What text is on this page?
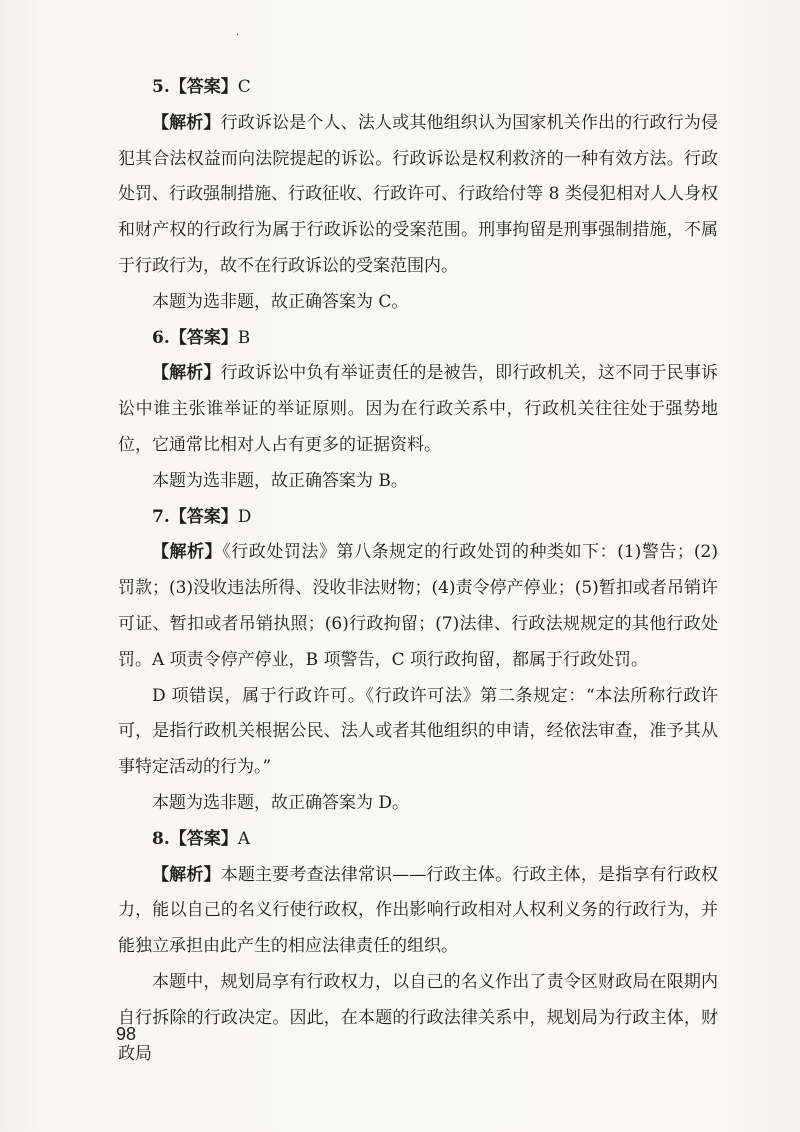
·

5.【答案】C

【解析】行政诉讼是个人、法人或其他组织认为国家机关作出的行政行为侵犯其合法权益而向法院提起的诉讼。行政诉讼是权利救济的一种有效方法。行政处罚、行政强制措施、行政征收、行政许可、行政给付等 8 类侵犯相对人人身权和财产权的行政行为属于行政诉讼的受案范围。刑事拘留是刑事强制措施，不属于行政行为，故不在行政诉讼的受案范围内。

本题为选非题，故正确答案为 C。

6.【答案】B

【解析】行政诉讼中负有举证责任的是被告，即行政机关，这不同于民事诉讼中谁主张谁举证的举证原则。因为在行政关系中，行政机关往往处于强势地位，它通常比相对人占有更多的证据资料。

本题为选非题，故正确答案为 B。

7.【答案】D

【解析】《行政处罚法》第八条规定的行政处罚的种类如下：(1)警告；(2)罚款；(3)没收违法所得、没收非法财物；(4)责令停产停业；(5)暂扣或者吊销许可证、暂扣或者吊销执照；(6)行政拘留；(7)法律、行政法规规定的其他行政处罚。A 项责令停产停业，B 项警告，C 项行政拘留，都属于行政处罚。

D 项错误，属于行政许可。《行政许可法》第二条规定：“本法所称行政许可，是指行政机关根据公民、法人或者其他组织的申请，经依法审查，准予其从事特定活动的行为。”

本题为选非题，故正确答案为 D。

8.【答案】A

【解析】本题主要考查法律常识——行政主体。行政主体，是指享有行政权力，能以自己的名义行使行政权，作出影响行政相对人权利义务的行政行为，并能独立承担由此产生的相应法律责任的组织。

本题中，规划局享有行政权力，以自己的名义作出了责令区财政局在限期内自行拆除的行政决定。因此，在本题的行政法律关系中，规划局为行政主体，财政局

98
